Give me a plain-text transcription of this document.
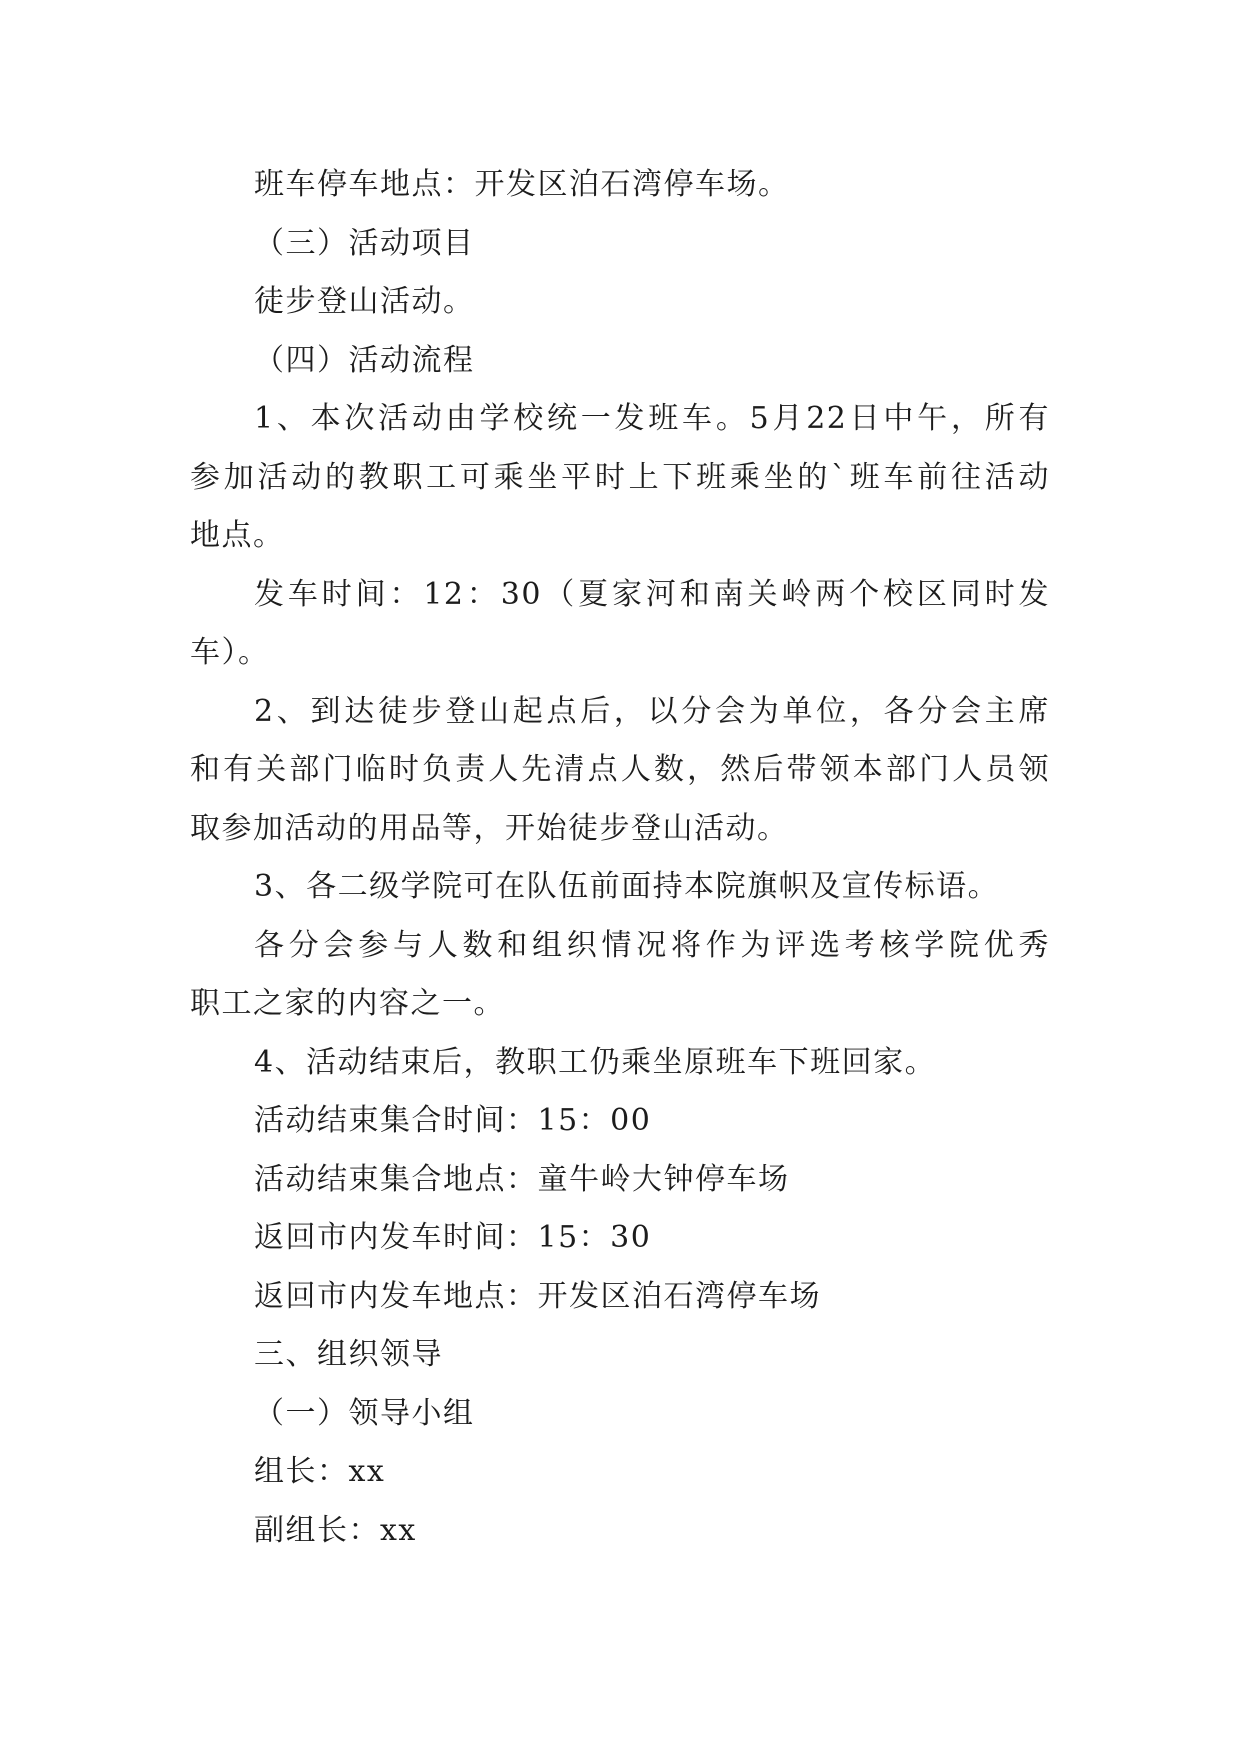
班车停车地点：开发区泊石湾停车场。
（三）活动项目
徒步登山活动。
（四）活动流程
1、本次活动由学校统一发班车。5月22日中午，所有
参加活动的教职工可乘坐平时上下班乘坐的`班车前往活动
地点。
发车时间：12：30（夏家河和南关岭两个校区同时发
车）。
2、到达徒步登山起点后，以分会为单位，各分会主席
和有关部门临时负责人先清点人数，然后带领本部门人员领
取参加活动的用品等，开始徒步登山活动。
3、各二级学院可在队伍前面持本院旗帜及宣传标语。
各分会参与人数和组织情况将作为评选考核学院优秀
职工之家的内容之一。
4、活动结束后，教职工仍乘坐原班车下班回家。
活动结束集合时间：15：00
活动结束集合地点：童牛岭大钟停车场
返回市内发车时间：15：30
返回市内发车地点：开发区泊石湾停车场
三、组织领导
（一）领导小组
组长：xx
副组长：xx
